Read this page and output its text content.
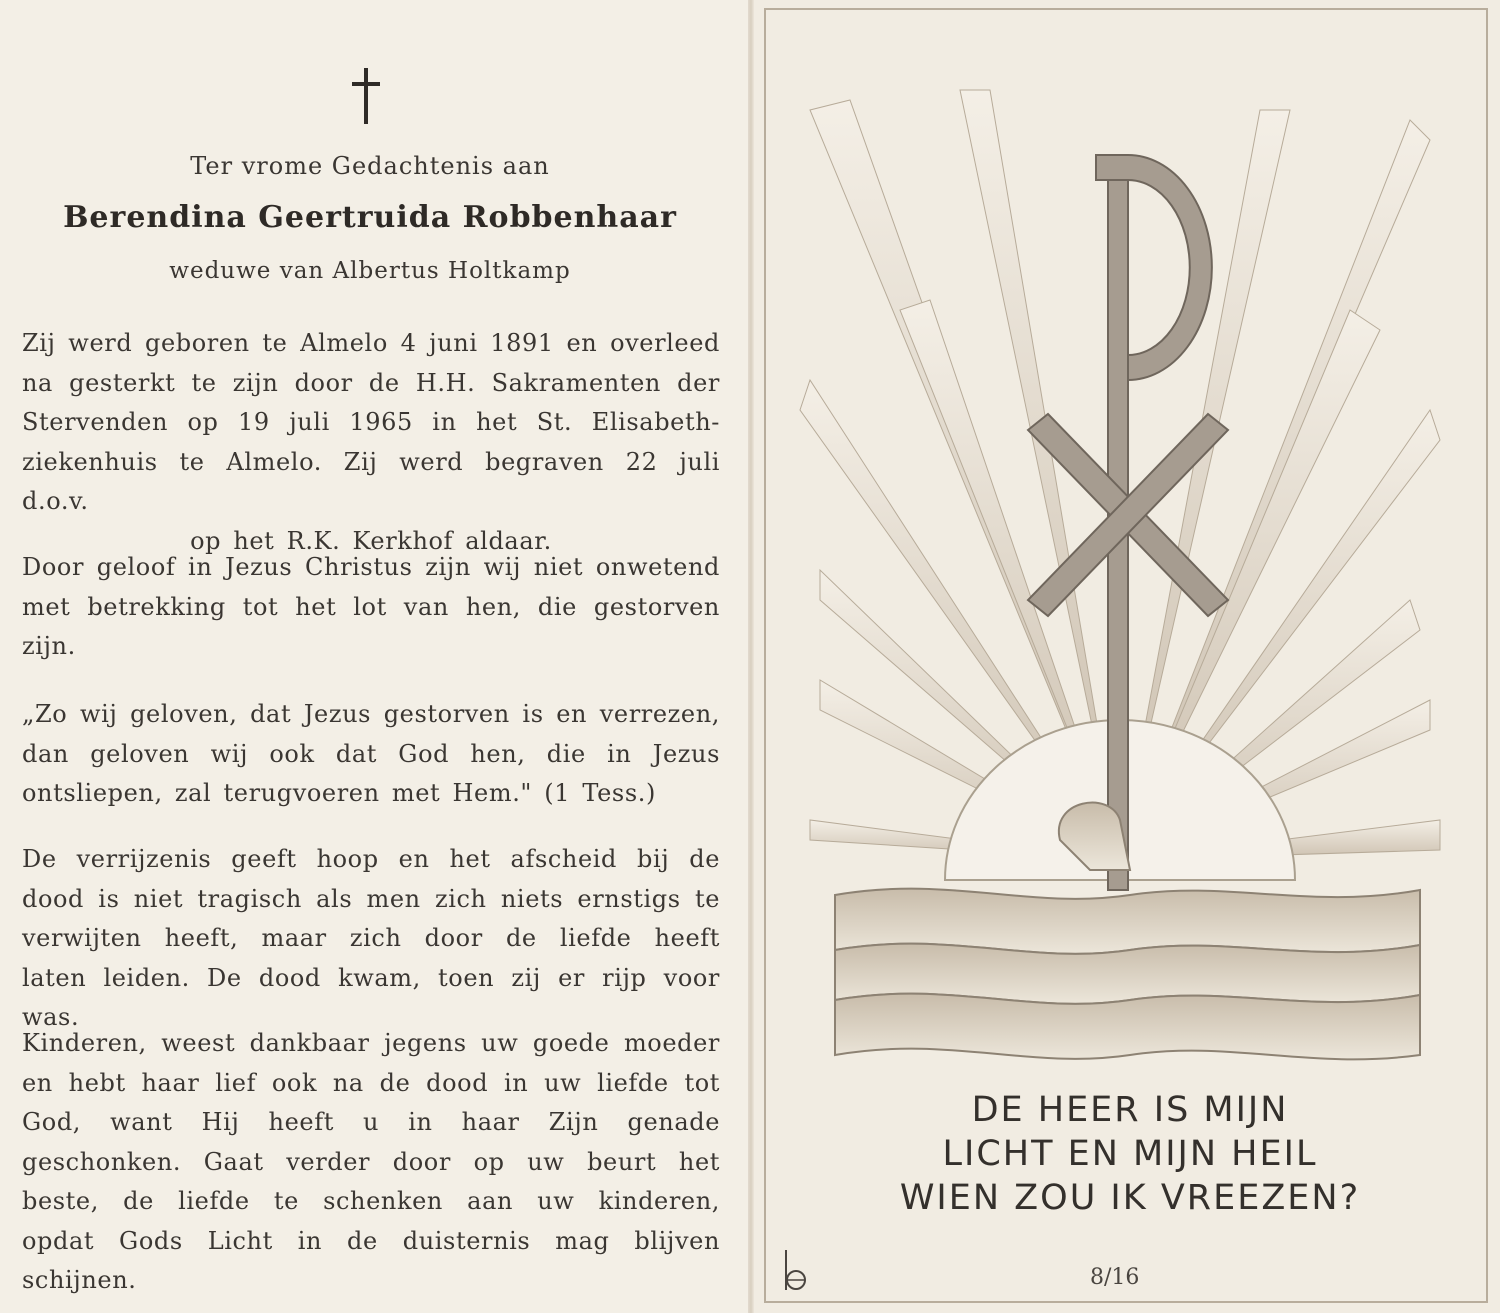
Ter vrome Gedachtenis aan
Berendina Geertruida Robbenhaar
weduwe van Albertus Holtkamp

Zij werd geboren te Almelo 4 juni 1891 en overleed na gesterkt te zijn door de H.H. Sakramenten der Stervenden op 19 juli 1965 in het St. Elisabeth-ziekenhuis te Almelo. Zij werd begraven 22 juli d.o.v.
op het R.K. Kerkhof aldaar.

Door geloof in Jezus Christus zijn wij niet onwetend met betrekking tot het lot van hen, die gestorven zijn.

„Zo wij geloven, dat Jezus gestorven is en verrezen, dan geloven wij ook dat God hen, die in Jezus ontsliepen, zal terugvoeren met Hem." (1 Tess.)

De verrijzenis geeft hoop en het afscheid bij de dood is niet tragisch als men zich niets ernstigs te verwijten heeft, maar zich door de liefde heeft laten leiden. De dood kwam, toen zij er rijp voor was.

Kinderen, weest dankbaar jegens uw goede moeder en hebt haar lief ook na de dood in uw liefde tot God, want Hij heeft u in haar Zijn genade geschonken. Gaat verder door op uw beurt het beste, de liefde te schenken aan uw kinderen, opdat Gods Licht in de duisternis mag blijven schijnen.

DE HEER IS MIJN
LICHT EN MIJN HEIL
WIEN ZOU IK VREEZEN?
8/16
